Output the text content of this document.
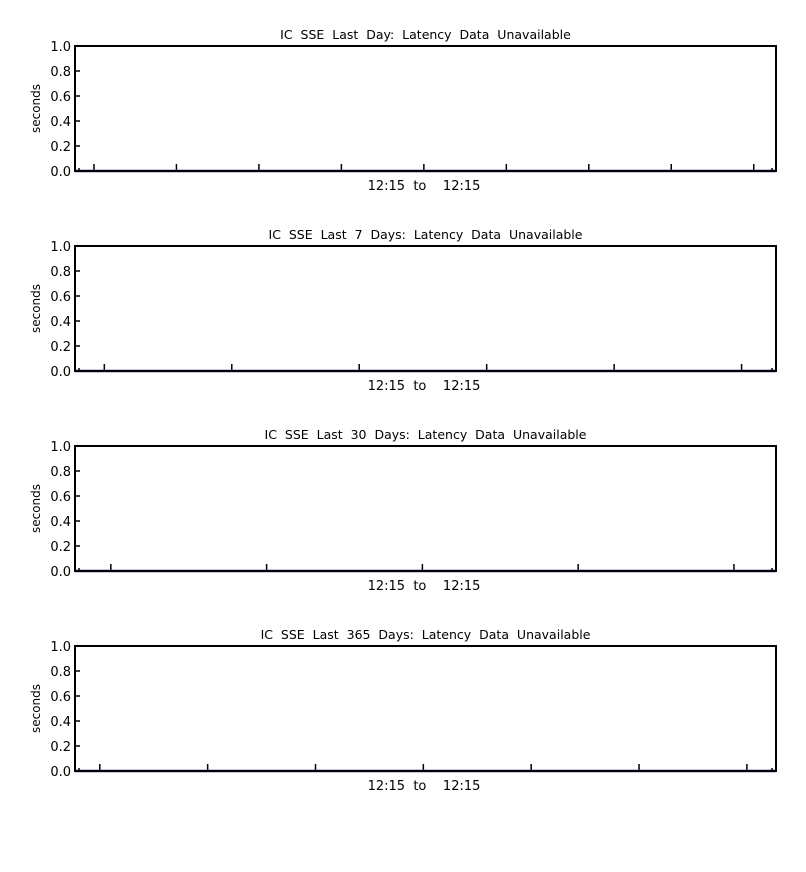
IC  SSE  Last  Day:  Latency  Data  Unavailable
0.0
0.2
0.4
0.6
0.8
1.0
seconds
12:15  to    12:15
IC  SSE  Last  7  Days:  Latency  Data  Unavailable
0.0
0.2
0.4
0.6
0.8
1.0
seconds
12:15  to    12:15
IC  SSE  Last  30  Days:  Latency  Data  Unavailable
0.0
0.2
0.4
0.6
0.8
1.0
seconds
12:15  to    12:15
IC  SSE  Last  365  Days:  Latency  Data  Unavailable
0.0
0.2
0.4
0.6
0.8
1.0
seconds
12:15  to    12:15
